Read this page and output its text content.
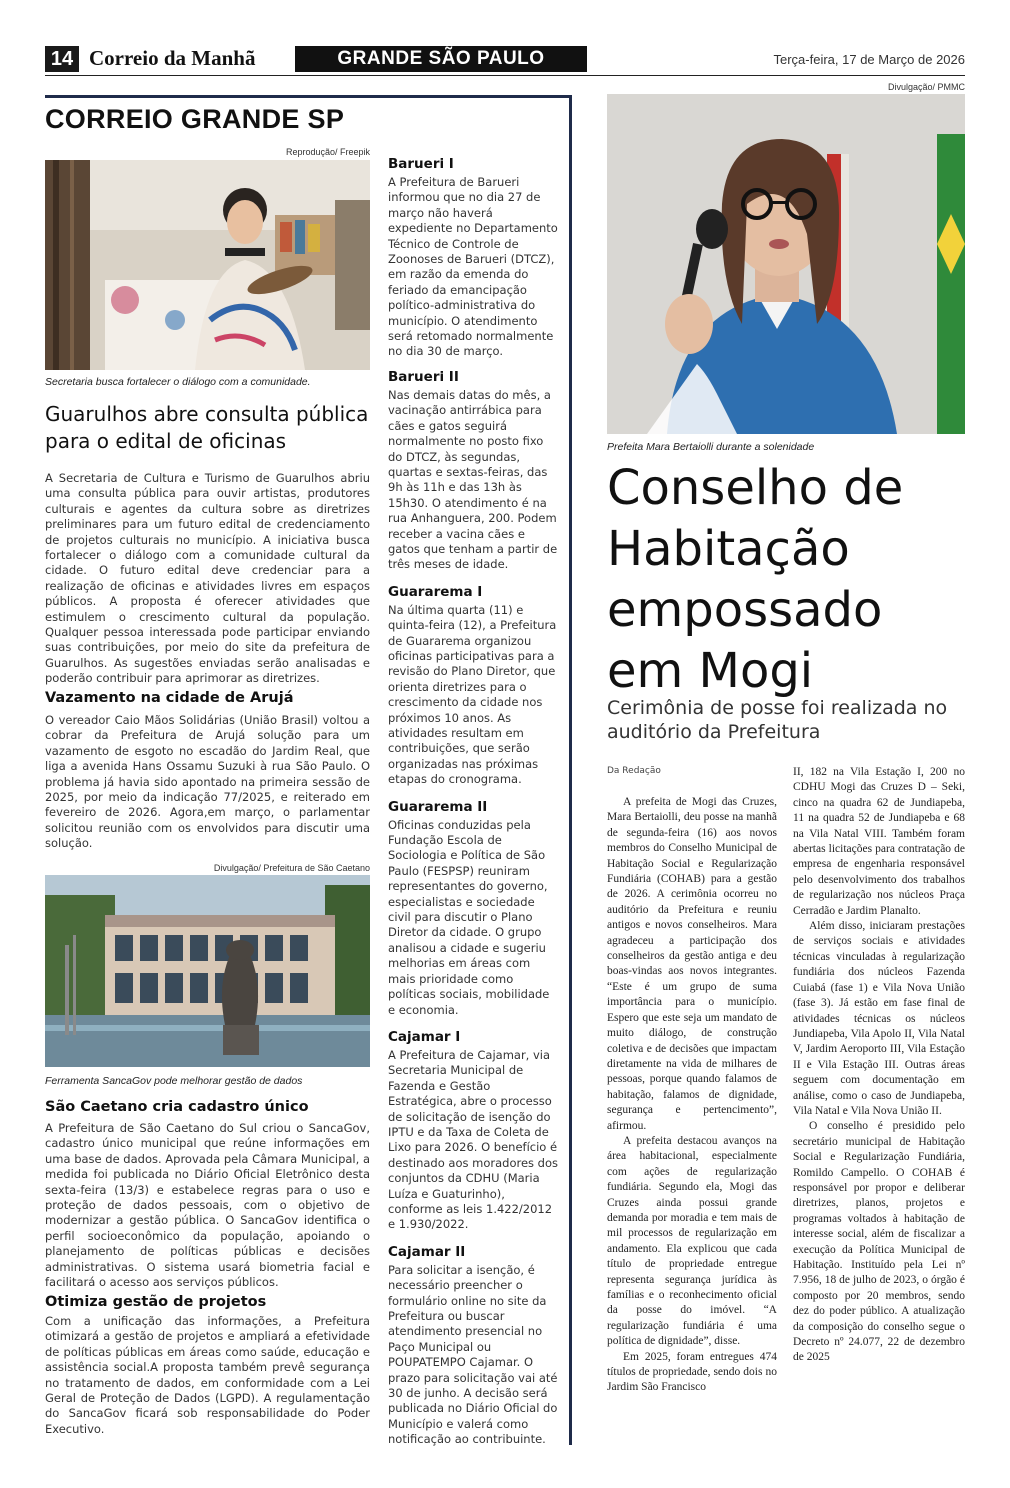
14 Correio da Manhã	GRANDE SÃO PAULO	Terça-feira, 17 de Março de 2026
CORREIO GRANDE SP
Reprodução/ Freepik
Secretaria busca fortalecer o diálogo com a comunidade.
Guarulhos abre consulta pública para o edital de oficinas

A Secretaria de Cultura e Turismo de Guarulhos abriu uma consulta pública para ouvir artistas, produtores culturais e agentes da cultura sobre as diretrizes preliminares para um futuro edital de credenciamento de projetos culturais no município. A iniciativa busca fortalecer o diálogo com a comunidade cultural da cidade. O futuro edital deve credenciar para a realização de oficinas e atividades livres em espaços públicos. A proposta é oferecer atividades que estimulem o crescimento cultural da população. Qualquer pessoa interessada pode participar enviando suas contribuições, por meio do site da prefeitura de Guarulhos. As sugestões enviadas serão analisadas e poderão contribuir para aprimorar as diretrizes.

Vazamento na cidade de Arujá

O vereador Caio Mãos Solidárias (União Brasil) voltou a cobrar da Prefeitura de Arujá solução para um vazamento de esgoto no escadão do Jardim Real, que liga a avenida Hans Ossamu Suzuki à rua São Paulo. O problema já havia sido apontado na primeira sessão de 2025, por meio da indicação 77/2025, e reiterado em fevereiro de 2026. Agora,em março, o parlamentar solicitou reunião com os envolvidos para discutir uma solução.

Divulgação/ Prefeitura de São Caetano
Ferramenta SancaGov pode melhorar gestão de dados
São Caetano cria cadastro único

A Prefeitura de São Caetano do Sul criou o SancaGov, cadastro único municipal que reúne informações em uma base de dados. Aprovada pela Câmara Municipal, a medida foi publicada no Diário Oficial Eletrônico desta sexta-feira (13/3) e estabelece regras para o uso e proteção de dados pessoais, com o objetivo de modernizar a gestão pública. O SancaGov identifica o perfil socioeconômico da população, apoiando o planejamento de políticas públicas e decisões administrativas. O sistema usará biometria facial e facilitará o acesso aos serviços públicos.

Otimiza gestão de projetos

Com a unificação das informações, a Prefeitura otimizará a gestão de projetos e ampliará a efetividade de políticas públicas em áreas como saúde, educação e assistência social.A proposta também prevê segurança no tratamento de dados, em conformidade com a Lei Geral de Proteção de Dados (LGPD). A regulamentação do SancaGov ficará sob responsabilidade do Poder Executivo.

Barueri I

A Prefeitura de Barueri informou que no dia 27 de março não haverá expediente no Departamento Técnico de Controle de Zoonoses de Barueri (DTCZ), em razão da emenda do feriado da emancipação político-administrativa do município. O atendimento será retomado normalmente no dia 30 de março.

Barueri II

Nas demais datas do mês, a vacinação antirrábica para cães e gatos seguirá normalmente no posto fixo do DTCZ, às segundas, quartas e sextas-feiras, das 9h às 11h e das 13h às 15h30. O atendimento é na rua Anhanguera, 200. Podem receber a vacina cães e gatos que tenham a partir de três meses de idade.

Guararema I

Na última quarta (11) e quinta-feira (12), a Prefeitura de Guararema organizou oficinas participativas para a revisão do Plano Diretor, que orienta diretrizes para o crescimento da cidade nos próximos 10 anos. As atividades resultam em contribuições, que serão organizadas nas próximas etapas do cronograma.

Guararema II

Oficinas conduzidas pela Fundação Escola de Sociologia e Política de São Paulo (FESPSP) reuniram representantes do governo, especialistas e sociedade civil para discutir o Plano Diretor da cidade. O grupo analisou a cidade e sugeriu melhorias em áreas com mais prioridade como políticas sociais, mobilidade e economia.

Cajamar I

A Prefeitura de Cajamar, via Secretaria Municipal de Fazenda e Gestão Estratégica, abre o processo de solicitação de isenção do IPTU e da Taxa de Coleta de Lixo para 2026. O benefício é destinado aos moradores dos conjuntos da CDHU (Maria Luíza e Guaturinho), conforme as leis 1.422/2012 e 1.930/2022.

Cajamar II

Para solicitar a isenção, é necessário preencher o formulário online no site da Prefeitura ou buscar atendimento presencial no Paço Municipal ou POUPATEMPO Cajamar. O prazo para solicitação vai até 30 de junho. A decisão será publicada no Diário Oficial do Município e valerá como notificação ao contribuinte.

Divulgação/ PMMC
Prefeita Mara Bertaiolli durante a solenidade
Conselho de
Habitação
empossado
em Mogi
Cerimônia de posse foi realizada no auditório da Prefeitura
Da Redação

A prefeita de Mogi das Cruzes, Mara Bertaiolli, deu posse na manhã de segunda-feira (16) aos novos membros do Conselho Municipal de Habitação Social e Regularização Fundiária (COHAB) para a gestão de 2026. A cerimônia ocorreu no auditório da Prefeitura e reuniu antigos e novos conselheiros. Mara agradeceu a participação dos conselheiros da gestão antiga e deu boas-vindas aos novos integrantes. “Este é um grupo de suma importância para o município. Espero que este seja um mandato de muito diálogo, de construção coletiva e de decisões que impactam diretamente na vida de milhares de pessoas, porque quando falamos de habitação, falamos de dignidade, segurança e pertencimento”, afirmou.

A prefeita destacou avanços na área habitacional, especialmente com ações de regularização fundiária. Segundo ela, Mogi das Cruzes ainda possui grande demanda por moradia e tem mais de mil processos de regularização em andamento. Ela explicou que cada título de propriedade entregue representa segurança jurídica às famílias e o reconhecimento oficial da posse do imóvel. “A regularização fundiária é uma política de dignidade”, disse.

Em 2025, foram entregues 474 títulos de propriedade, sendo dois no Jardim São Francisco

II, 182 na Vila Estação I, 200 no CDHU Mogi das Cruzes D – Seki, cinco na quadra 62 de Jundiapeba, 11 na quadra 52 de Jundiapeba e 68 na Vila Natal VIII. Também foram abertas licitações para contratação de empresa de engenharia responsável pelo desenvolvimento dos trabalhos de regularização nos núcleos Praça Cerradão e Jardim Planalto.

Além disso, iniciaram prestações de serviços sociais e atividades técnicas vinculadas à regularização fundiária dos núcleos Fazenda Cuiabá (fase 1) e Vila Nova União (fase 3). Já estão em fase final de atividades técnicas os núcleos Jundiapeba, Vila Apolo II, Vila Natal V, Jardim Aeroporto III, Vila Estação II e Vila Estação III. Outras áreas seguem com documentação em análise, como o caso de Jundiapeba, Vila Natal e Vila Nova União II.

O conselho é presidido pelo secretário municipal de Habitação Social e Regularização Fundiária, Romildo Campello. O COHAB é responsável por propor e deliberar diretrizes, planos, projetos e programas voltados à habitação de interesse social, além de fiscalizar a execução da Política Municipal de Habitação. Instituído pela Lei nº 7.956, 18 de julho de 2023, o órgão é composto por 20 membros, sendo dez do poder público. A atualização da composição do conselho segue o Decreto nº 24.077, 22 de dezembro de 2025
